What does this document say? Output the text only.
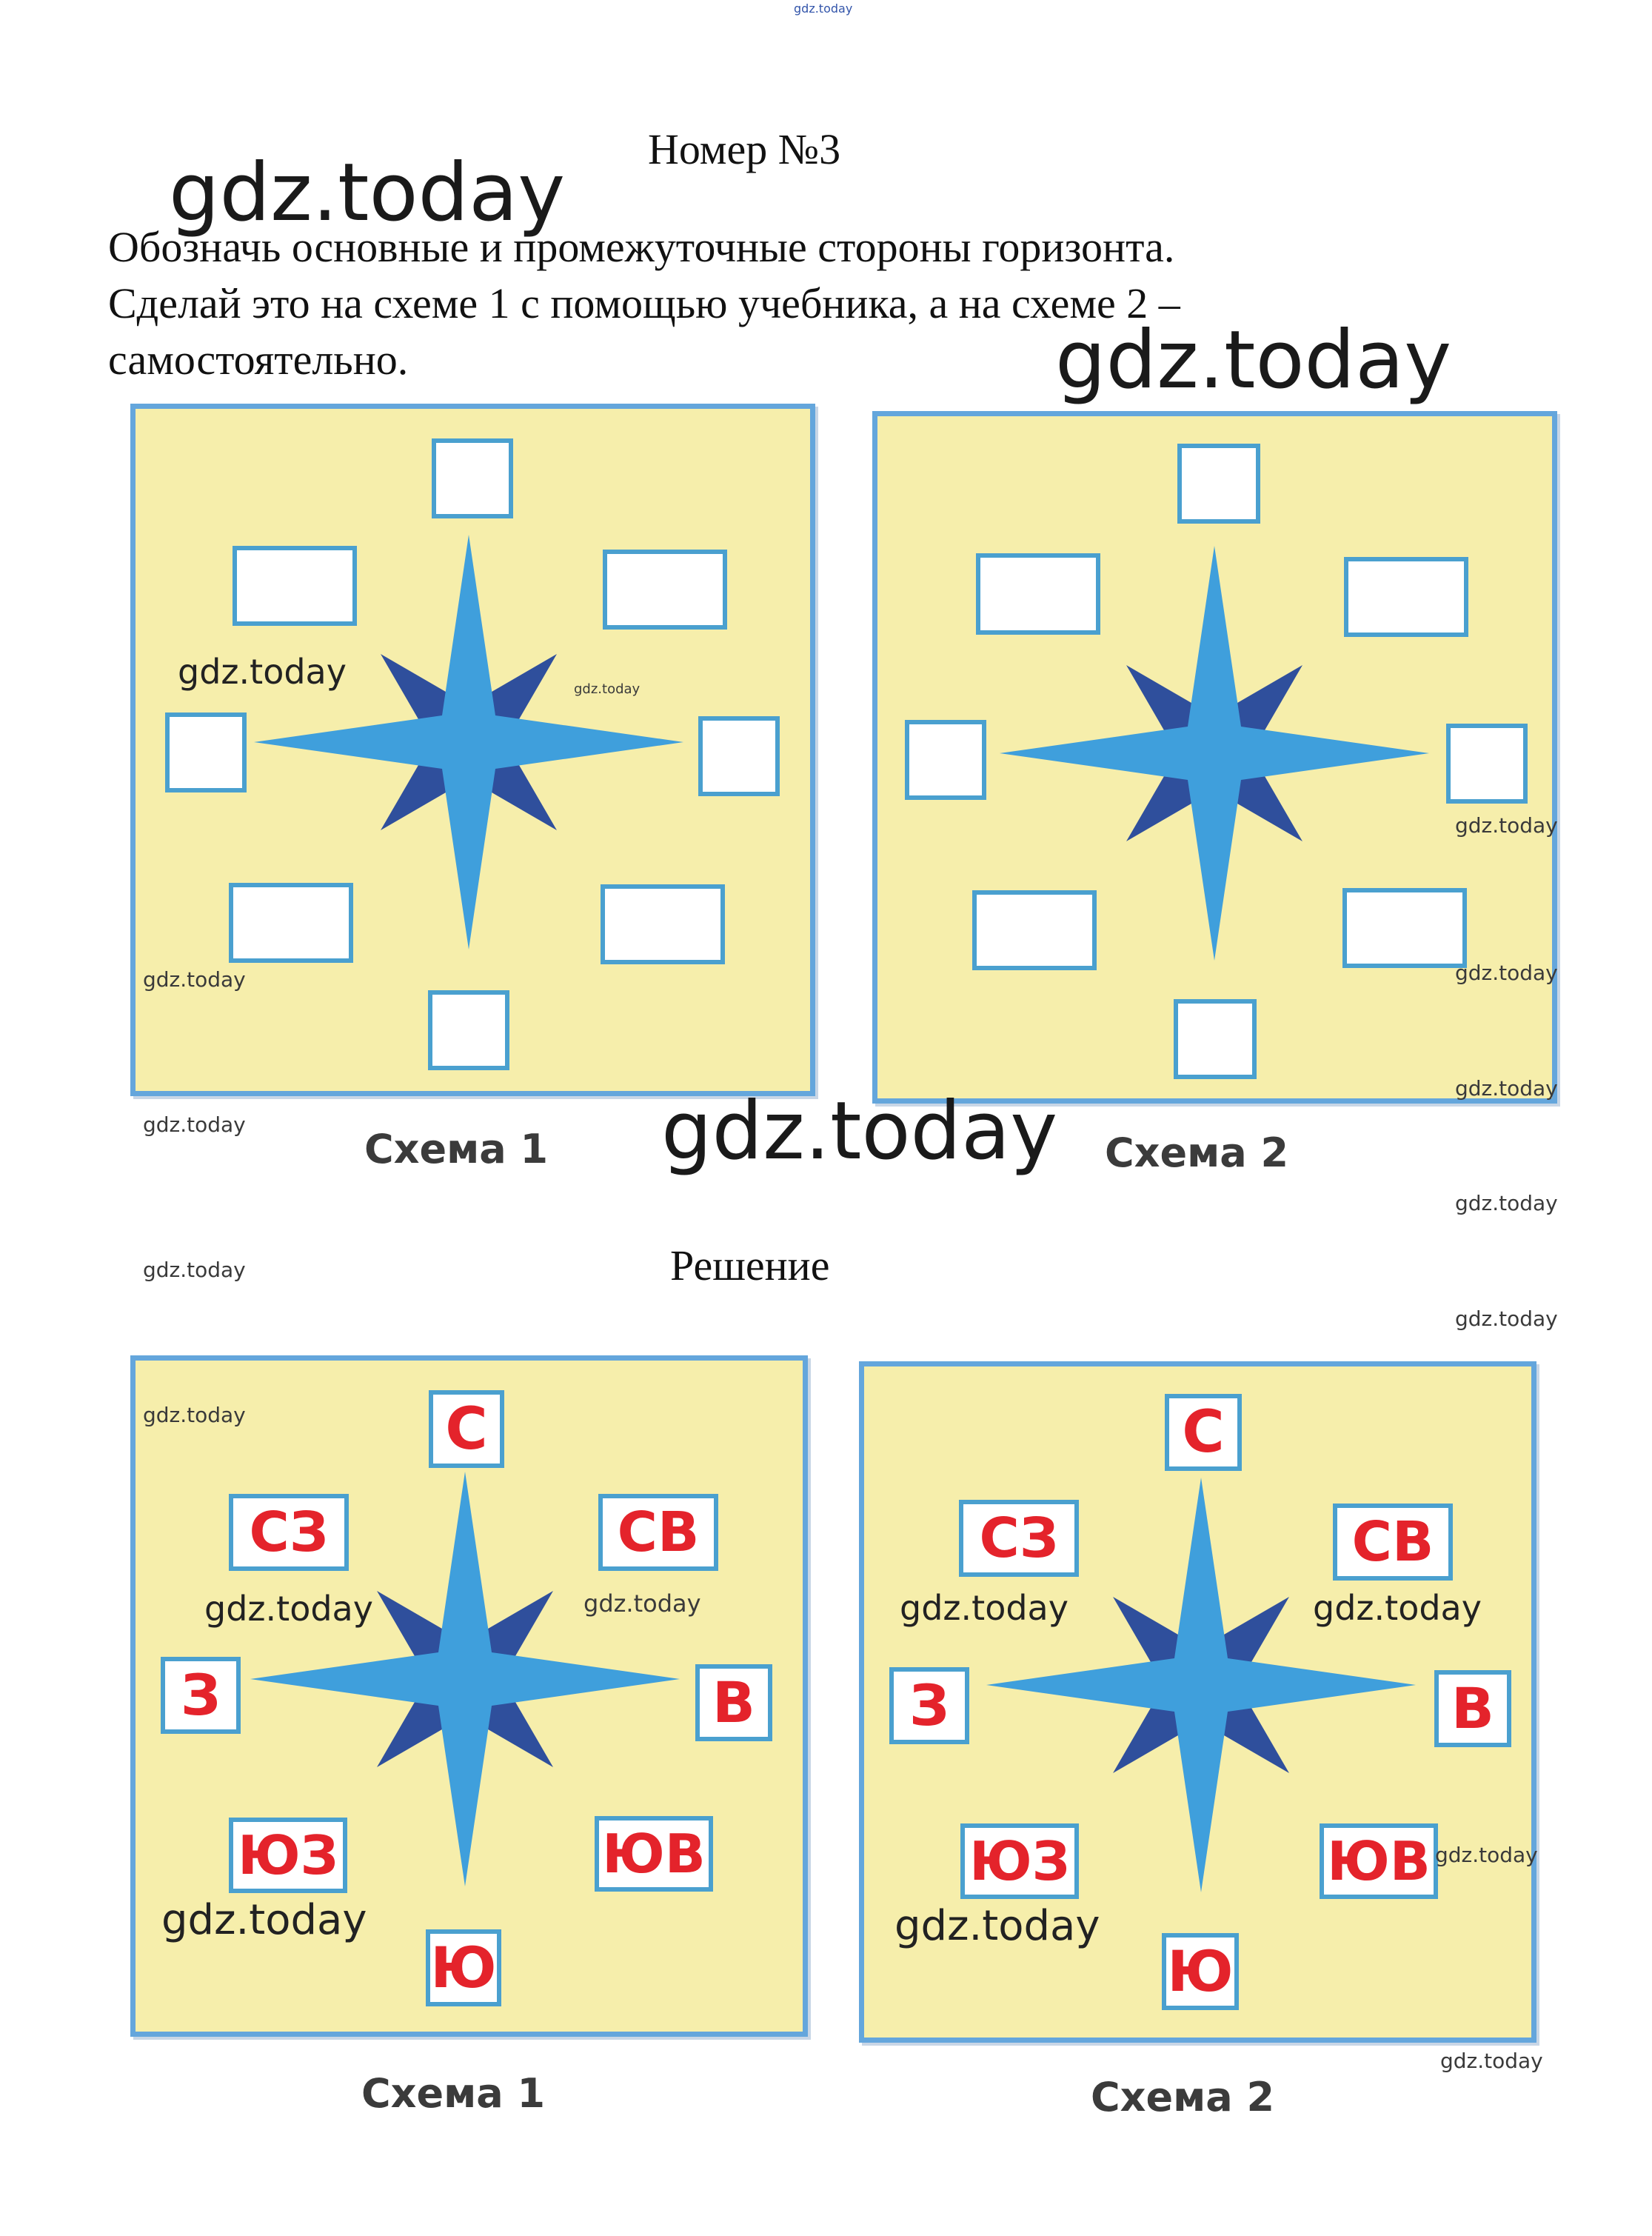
gdz.today
Номер №3
Обозначь основные и промежуточные стороны горизонта.
Сделай это на схеме 1 с помощью учебника, а на схеме 2 –
самостоятельно.
Схема 1	Схема 2
Решение
С
СЗ	СВ
З	В
ЮЗ	ЮВ
Ю
С
СЗ	СВ
З	В
ЮЗ	ЮВ
Ю
Схема 1	Схема 2
gdz.today
gdz.today
gdz.today
gdz.today
gdz.today
gdz.today
gdz.today
gdz.today
gdz.today
gdz.today
gdz.today
gdz.today
gdz.today
gdz.today
gdz.today
gdz.today
gdz.today	gdz.today	gdz.today	gdz.today
gdz.today	gdz.today
